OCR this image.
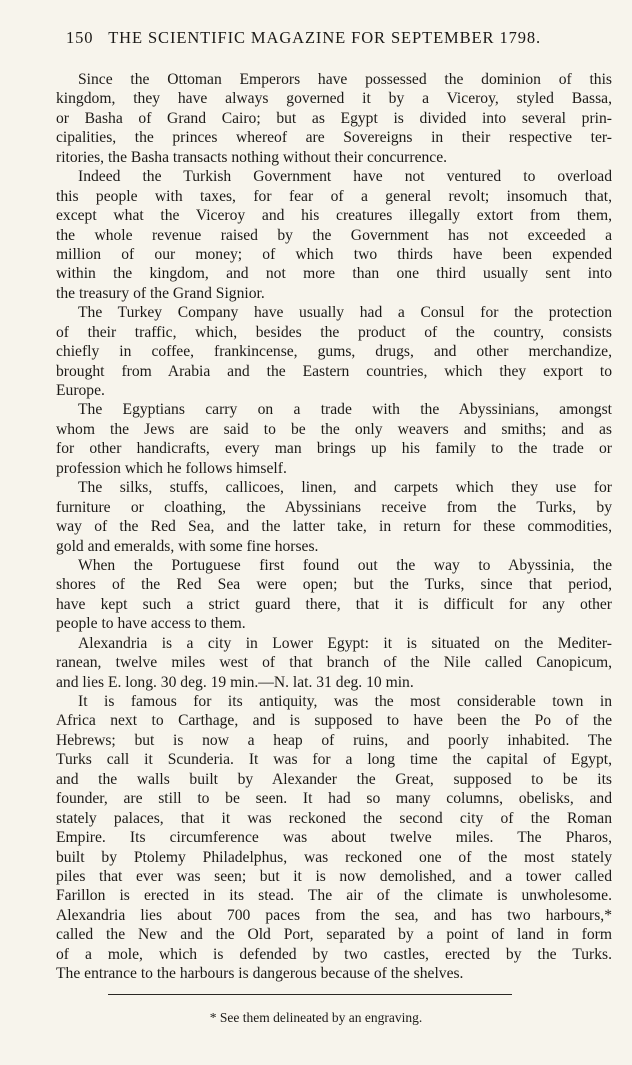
150 THE SCIENTIFIC MAGAZINE FOR SEPTEMBER 1798.
Since the Ottoman Emperors have possessed the dominion of this
kingdom, they have always governed it by a Viceroy, styled Bassa,
or Basha of Grand Cairo; but as Egypt is divided into several prin-
cipalities, the princes whereof are Sovereigns in their respective ter-
ritories, the Basha transacts nothing without their concurrence.
Indeed the Turkish Government have not ventured to overload
this people with taxes, for fear of a general revolt; insomuch that,
except what the Viceroy and his creatures illegally extort from them,
the whole revenue raised by the Government has not exceeded a
million of our money; of which two thirds have been expended
within the kingdom, and not more than one third usually sent into
the treasury of the Grand Signior.
The Turkey Company have usually had a Consul for the protection
of their traffic, which, besides the product of the country, consists
chiefly in coffee, frankincense, gums, drugs, and other merchandize,
brought from Arabia and the Eastern countries, which they export to
Europe.
The Egyptians carry on a trade with the Abyssinians, amongst
whom the Jews are said to be the only weavers and smiths; and as
for other handicrafts, every man brings up his family to the trade or
profession which he follows himself.
The silks, stuffs, callicoes, linen, and carpets which they use for
furniture or cloathing, the Abyssinians receive from the Turks, by
way of the Red Sea, and the latter take, in return for these commodities,
gold and emeralds, with some fine horses.
When the Portuguese first found out the way to Abyssinia, the
shores of the Red Sea were open; but the Turks, since that period,
have kept such a strict guard there, that it is difficult for any other
people to have access to them.
Alexandria is a city in Lower Egypt: it is situated on the Mediter-
ranean, twelve miles west of that branch of the Nile called Canopicum,
and lies E. long. 30 deg. 19 min.—N. lat. 31 deg. 10 min.
It is famous for its antiquity, was the most considerable town in
Africa next to Carthage, and is supposed to have been the Po of the
Hebrews; but is now a heap of ruins, and poorly inhabited. The
Turks call it Scunderia. It was for a long time the capital of Egypt,
and the walls built by Alexander the Great, supposed to be its
founder, are still to be seen. It had so many columns, obelisks, and
stately palaces, that it was reckoned the second city of the Roman
Empire. Its circumference was about twelve miles. The Pharos,
built by Ptolemy Philadelphus, was reckoned one of the most stately
piles that ever was seen; but it is now demolished, and a tower called
Farillon is erected in its stead. The air of the climate is unwholesome.
Alexandria lies about 700 paces from the sea, and has two harbours,*
called the New and the Old Port, separated by a point of land in form
of a mole, which is defended by two castles, erected by the Turks.
The entrance to the harbours is dangerous because of the shelves.
* See them delineated by an engraving.
